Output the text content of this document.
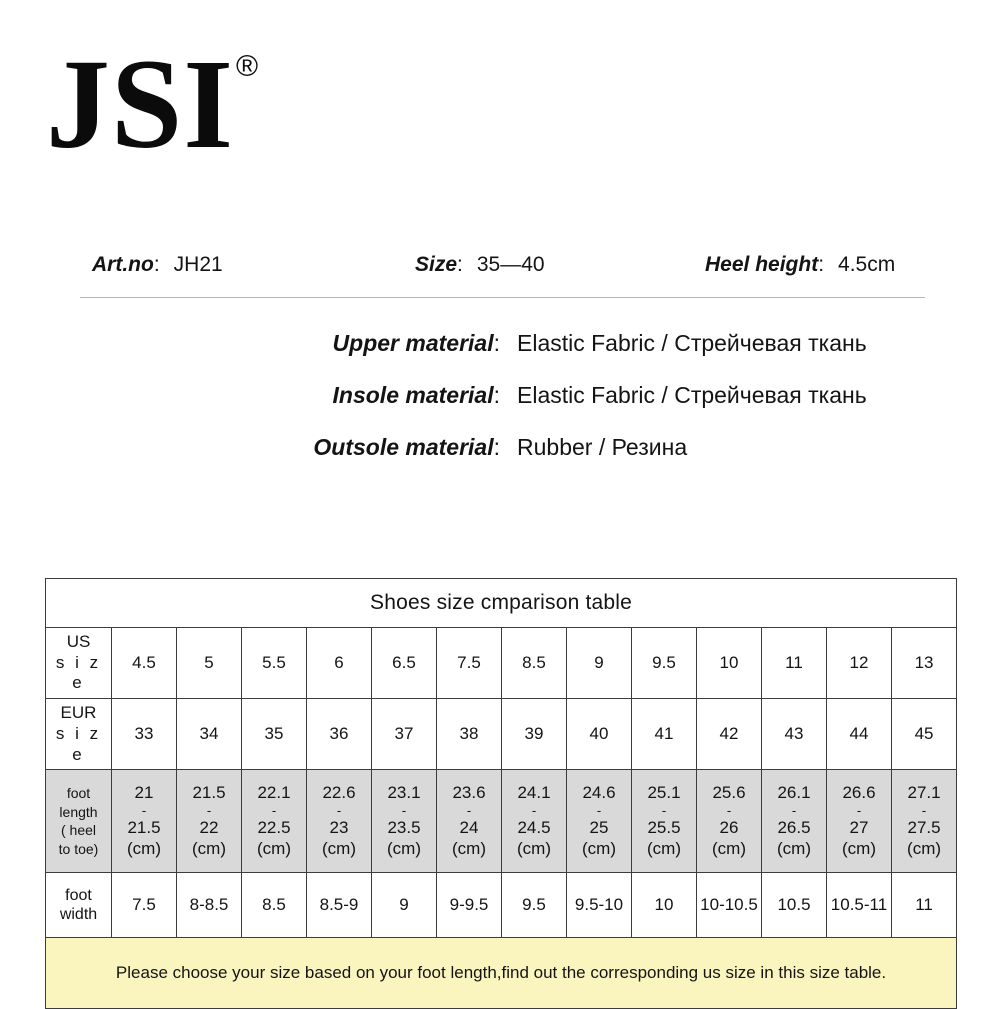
JSI ®
Art.no: JH21	Size: 35—40	Heel height: 4.5cm
Upper material: Elastic Fabric / Стрейчевая ткань
Insole material: Elastic Fabric / Стрейчевая ткань
Outsole material: Rubber / Резина
Shoes size cmparison table													
US
s i z e	4.5	5	5.5	6	6.5	7.5	8.5	9	9.5	10	11	12	13
EUR
s i z e	33	34	35	36	37	38	39	40	41	42	43	44	45
foot
length
( heel
to toe)	21
-
21.5
(cm)	21.5
-
22
(cm)	22.1
-
22.5
(cm)	22.6
-
23
(cm)	23.1
-
23.5
(cm)	23.6
-
24
(cm)	24.1
-
24.5
(cm)	24.6
-
25
(cm)	25.1
-
25.5
(cm)	25.6
-
26
(cm)	26.1
-
26.5
(cm)	26.6
-
27
(cm)	27.1
-
27.5
(cm)

foot
width	7.5	8-8.5	8.5	8.5-9	9	9-9.5	9.5	9.5-10	10	10-10.5	10.5	10.5-11	11
Please choose your size based on your foot length,find out the corresponding us size in this size table.													
